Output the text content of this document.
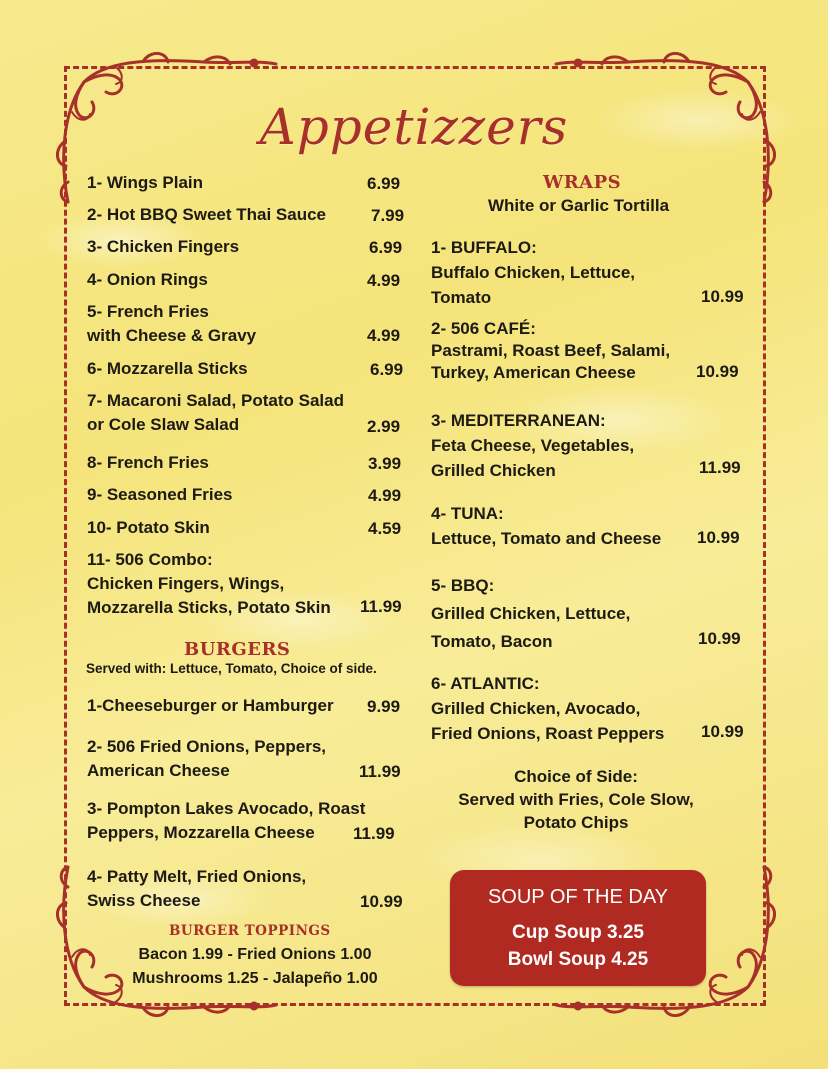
Appetizzers
1- Wings Plain	6.99
2- Hot BBQ Sweet Thai Sauce	7.99
3- Chicken Fingers	6.99
4- Onion Rings	4.99
5- French Fries
with Cheese & Gravy	4.99
6- Mozzarella Sticks	6.99
7- Macaroni Salad, Potato Salad
or Cole Slaw Salad	2.99
8- French Fries	3.99
9- Seasoned Fries	4.99
10- Potato Skin	4.59
11- 506 Combo:
Chicken Fingers, Wings,
Mozzarella Sticks, Potato Skin 11.99
BURGERS
Served with: Lettuce, Tomato, Choice of side.
1-Cheeseburger or Hamburger 9.99
2- 506 Fried Onions, Peppers,
American Cheese	11.99
3- Pompton Lakes Avocado, Roast
Peppers, Mozzarella Cheese	11.99
4- Patty Melt, Fried Onions,
Swiss Cheese	10.99
BURGER TOPPINGS
Bacon 1.99 - Fried Onions 1.00
Mushrooms 1.25 - Jalapeño 1.00
WRAPS
White or Garlic Tortilla
1- BUFFALO:
Buffalo Chicken, Lettuce,
Tomato	10.99
2- 506 CAFÉ:
Pastrami, Roast Beef, Salami,
Turkey, American Cheese	10.99
3- MEDITERRANEAN:
Feta Cheese, Vegetables,
Grilled Chicken	11.99
4- TUNA:
Lettuce, Tomato and Cheese 10.99
5- BBQ:
Grilled Chicken, Lettuce,
Tomato, Bacon	10.99
6- ATLANTIC:
Grilled Chicken, Avocado,
Fried Onions, Roast Peppers 10.99
Choice of Side:
Served with Fries, Cole Slow,
Potato Chips
SOUP OF THE DAY
Cup Soup 3.25
Bowl Soup 4.25
